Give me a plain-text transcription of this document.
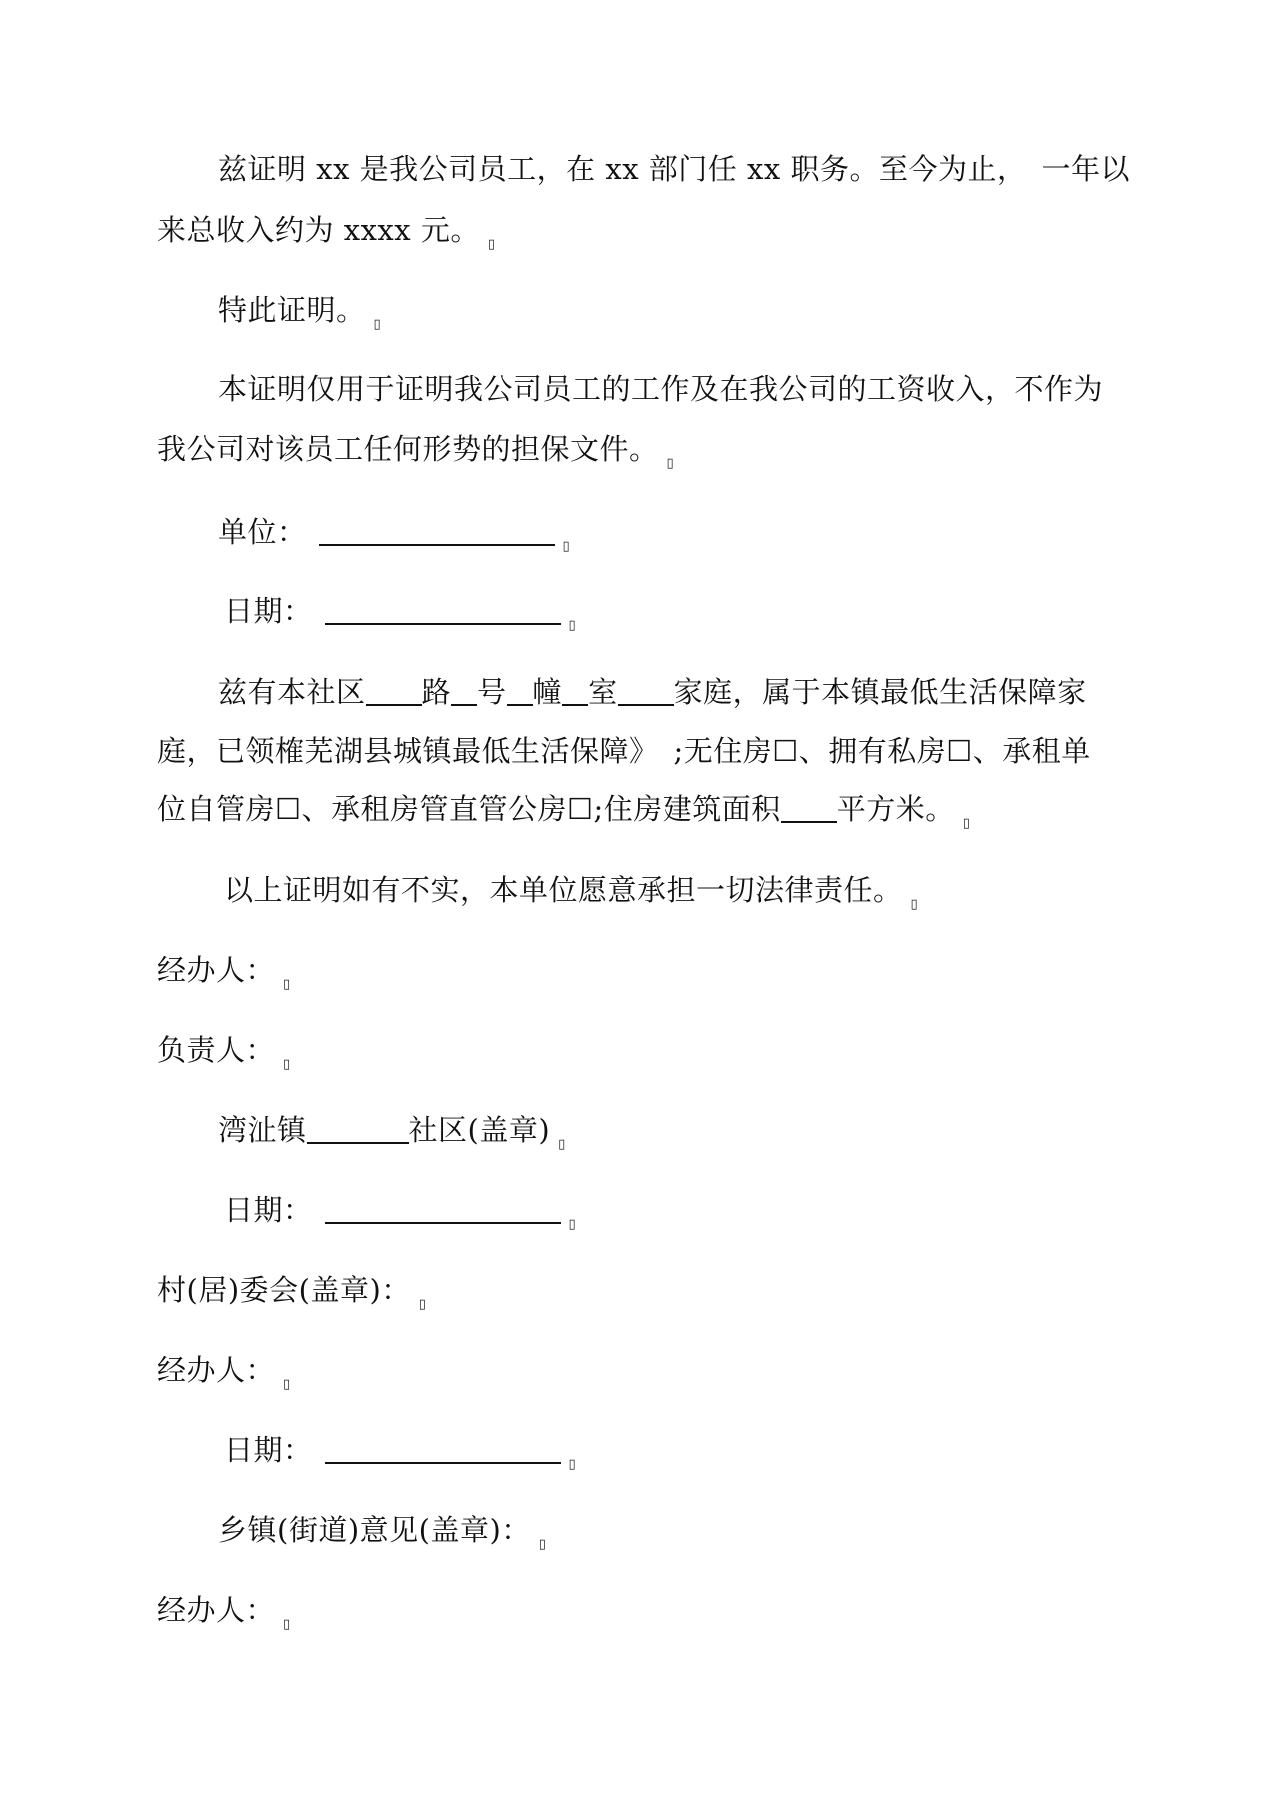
兹证明 xx 是我公司员工，在 xx 部门任 xx 职务。至今为止，　一年以
来总收入约为 xxxx 元。 ▯
特此证明。 ▯
本证明仅用于证明我公司员工的工作及在我公司的工资收入，不作为
我公司对该员工任何形势的担保文件。 ▯
单位：	▯
日期：	▯
兹有本社区 路 号 幢 室 家庭，属于本镇最低生活保障家
庭，已领榷芜湖县城镇最低生活保障》　;无住房☐、拥有私房☐、承租单
位自管房☐、承租房管直管公房☐;住房建筑面积 平方米。 ▯
以上证明如有不实，本单位愿意承担一切法律责任。 ▯
经办人： ▯
负责人： ▯
湾沚镇	社区(盖章) ▯
日期：	▯
村(居)委会(盖章)： ▯
经办人： ▯
日期：	▯
乡镇(街道)意见(盖章)： ▯
经办人： ▯
